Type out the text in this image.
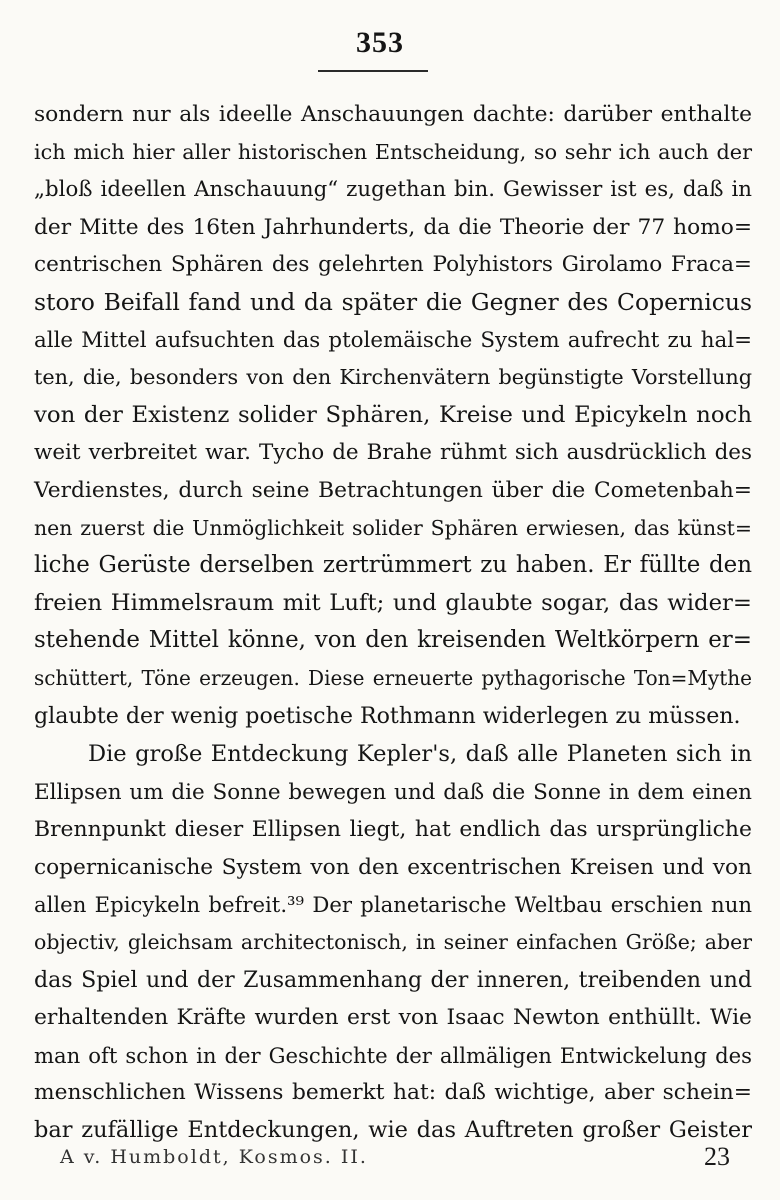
353
sondern nur als ideelle Anschauungen dachte: darüber enthalte
ich mich hier aller historischen Entscheidung, so sehr ich auch der
„bloß ideellen Anschauung“ zugethan bin. Gewisser ist es, daß in
der Mitte des 16ten Jahrhunderts, da die Theorie der 77 homo=
centrischen Sphären des gelehrten Polyhistors Girolamo Fraca=
storo Beifall fand und da später die Gegner des Copernicus
alle Mittel aufsuchten das ptolemäische System aufrecht zu hal=
ten, die, besonders von den Kirchenvätern begünstigte Vorstellung
von der Existenz solider Sphären, Kreise und Epicykeln noch
weit verbreitet war. Tycho de Brahe rühmt sich ausdrücklich des
Verdienstes, durch seine Betrachtungen über die Cometenbah=
nen zuerst die Unmöglichkeit solider Sphären erwiesen, das künst=
liche Gerüste derselben zertrümmert zu haben. Er füllte den
freien Himmelsraum mit Luft; und glaubte sogar, das wider=
stehende Mittel könne, von den kreisenden Weltkörpern er=
schüttert, Töne erzeugen. Diese erneuerte pythagorische Ton=Mythe
glaubte der wenig poetische Rothmann widerlegen zu müssen.
Die große Entdeckung Kepler's, daß alle Planeten sich in
Ellipsen um die Sonne bewegen und daß die Sonne in dem einen
Brennpunkt dieser Ellipsen liegt, hat endlich das ursprüngliche
copernicanische System von den excentrischen Kreisen und von
allen Epicykeln befreit.³⁹ Der planetarische Weltbau erschien nun
objectiv, gleichsam architectonisch, in seiner einfachen Größe; aber
das Spiel und der Zusammenhang der inneren, treibenden und
erhaltenden Kräfte wurden erst von Isaac Newton enthüllt. Wie
man oft schon in der Geschichte der allmäligen Entwickelung des
menschlichen Wissens bemerkt hat: daß wichtige, aber schein=
bar zufällige Entdeckungen, wie das Auftreten großer Geister
A v. Humboldt, Kosmos. II.	23
